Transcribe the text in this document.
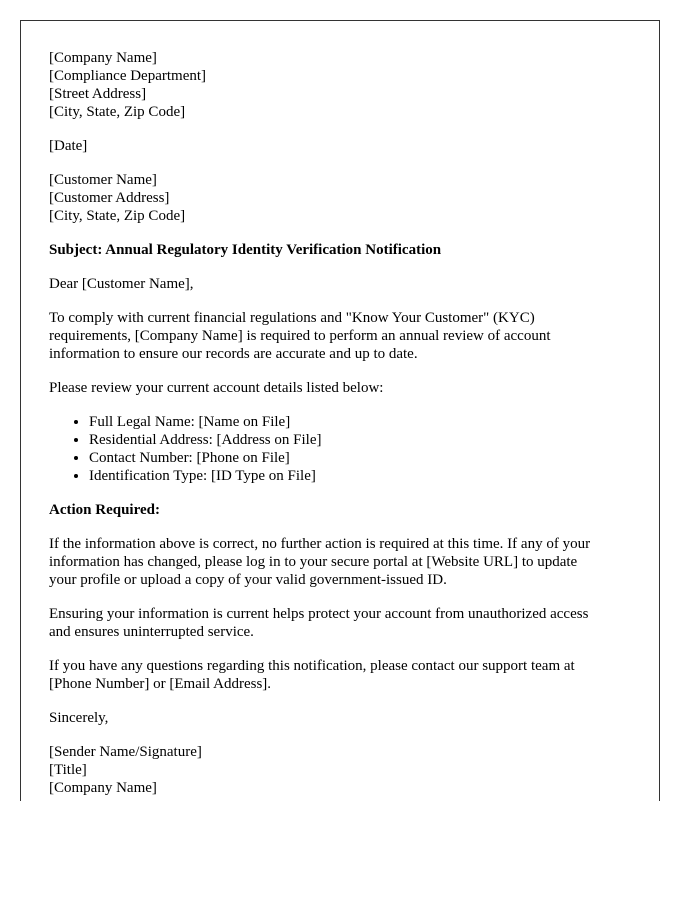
[Company Name]
[Compliance Department]
[Street Address]
[City, State, Zip Code]
[Date]
[Customer Name]
[Customer Address]
[City, State, Zip Code]
Subject: Annual Regulatory Identity Verification Notification
Dear [Customer Name],
To comply with current financial regulations and "Know Your Customer" (KYC)
requirements, [Company Name] is required to perform an annual review of account
information to ensure our records are accurate and up to date.
Please review your current account details listed below:
• Full Legal Name: [Name on File]
• Residential Address: [Address on File]
• Contact Number: [Phone on File]
• Identification Type: [ID Type on File]
Action Required:
If the information above is correct, no further action is required at this time. If any of your
information has changed, please log in to your secure portal at [Website URL] to update
your profile or upload a copy of your valid government-issued ID.
Ensuring your information is current helps protect your account from unauthorized access
and ensures uninterrupted service.
If you have any questions regarding this notification, please contact our support team at
[Phone Number] or [Email Address].
Sincerely,
[Sender Name/Signature]
[Title]
[Company Name]
